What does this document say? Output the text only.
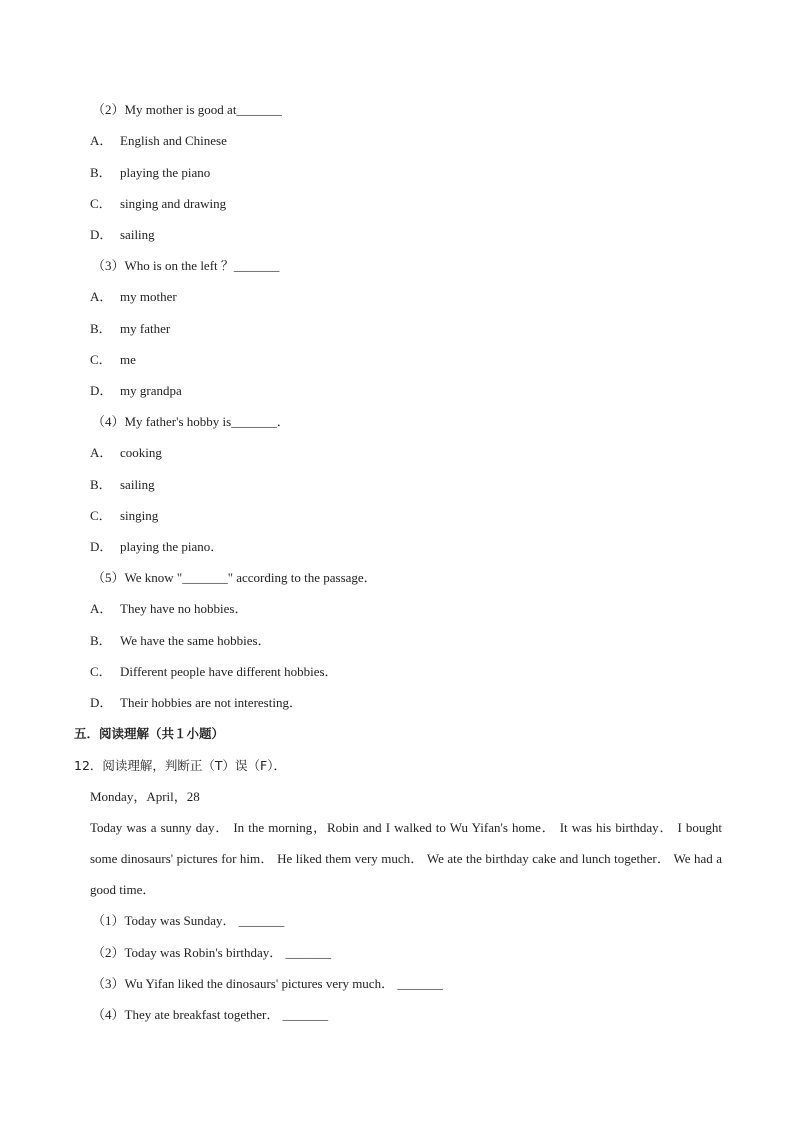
（2）My mother is good at_______
A． English and Chinese
B． playing the piano
C． singing and drawing
D． sailing
（3）Who is on the left ？_______
A． my mother
B． my father
C． me
D． my grandpa
（4）My father's hobby is_______．
A． cooking
B． sailing
C． singing
D． playing the piano．
（5）We know "_______" according to the passage．
A． They have no hobbies．
B． We have the same hobbies．
C． Different people have different hobbies．
D． Their hobbies are not interesting．
五．阅读理解（共１小题）
12．阅读理解，判断正（T）误（F）．
Monday，April，28
Today was a sunny day． In the morning，Robin and I walked to Wu Yifan's home． It was his birthday． I bought some dinosaurs' pictures for him． He liked them very much． We ate the birthday cake and lunch together． We had a good time．
（1）Today was Sunday． _______
（2）Today was Robin's birthday． _______
（3）Wu Yifan liked the dinosaurs' pictures very much． _______
（4）They ate breakfast together． _______
